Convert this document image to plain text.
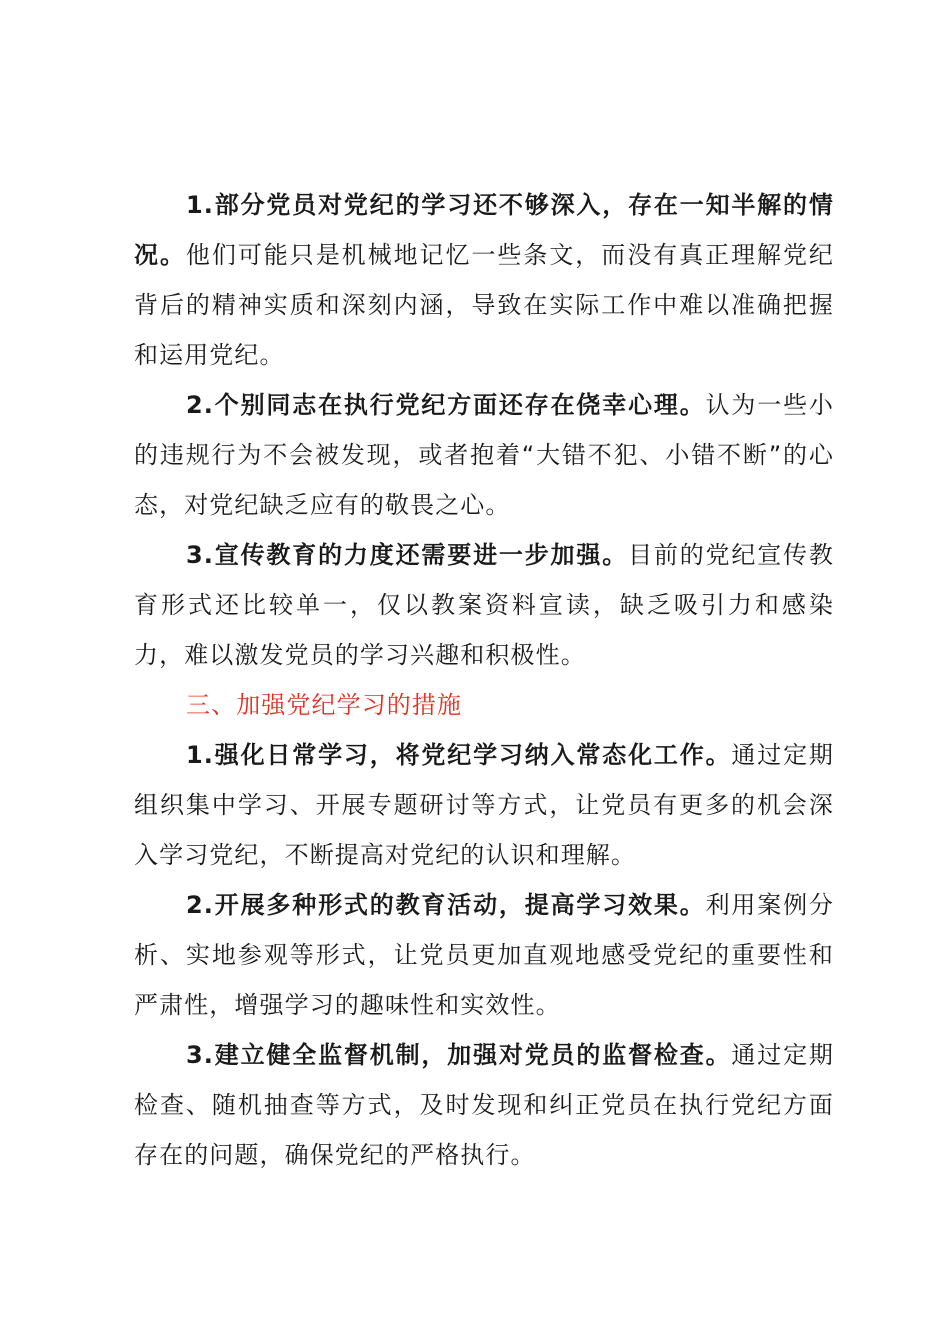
1.部分党员对党纪的学习还不够深入，存在一知半解的情况。他们可能只是机械地记忆一些条文，而没有真正理解党纪背后的精神实质和深刻内涵，导致在实际工作中难以准确把握和运用党纪。

2.个别同志在执行党纪方面还存在侥幸心理。认为一些小的违规行为不会被发现，或者抱着“大错不犯、小错不断”的心态，对党纪缺乏应有的敬畏之心。

3.宣传教育的力度还需要进一步加强。目前的党纪宣传教育形式还比较单一，仅以教案资料宣读，缺乏吸引力和感染力，难以激发党员的学习兴趣和积极性。

三、加强党纪学习的措施

1.强化日常学习，将党纪学习纳入常态化工作。通过定期组织集中学习、开展专题研讨等方式，让党员有更多的机会深入学习党纪，不断提高对党纪的认识和理解。

2.开展多种形式的教育活动，提高学习效果。利用案例分析、实地参观等形式，让党员更加直观地感受党纪的重要性和严肃性，增强学习的趣味性和实效性。

3.建立健全监督机制，加强对党员的监督检查。通过定期检查、随机抽查等方式，及时发现和纠正党员在执行党纪方面存在的问题，确保党纪的严格执行。
